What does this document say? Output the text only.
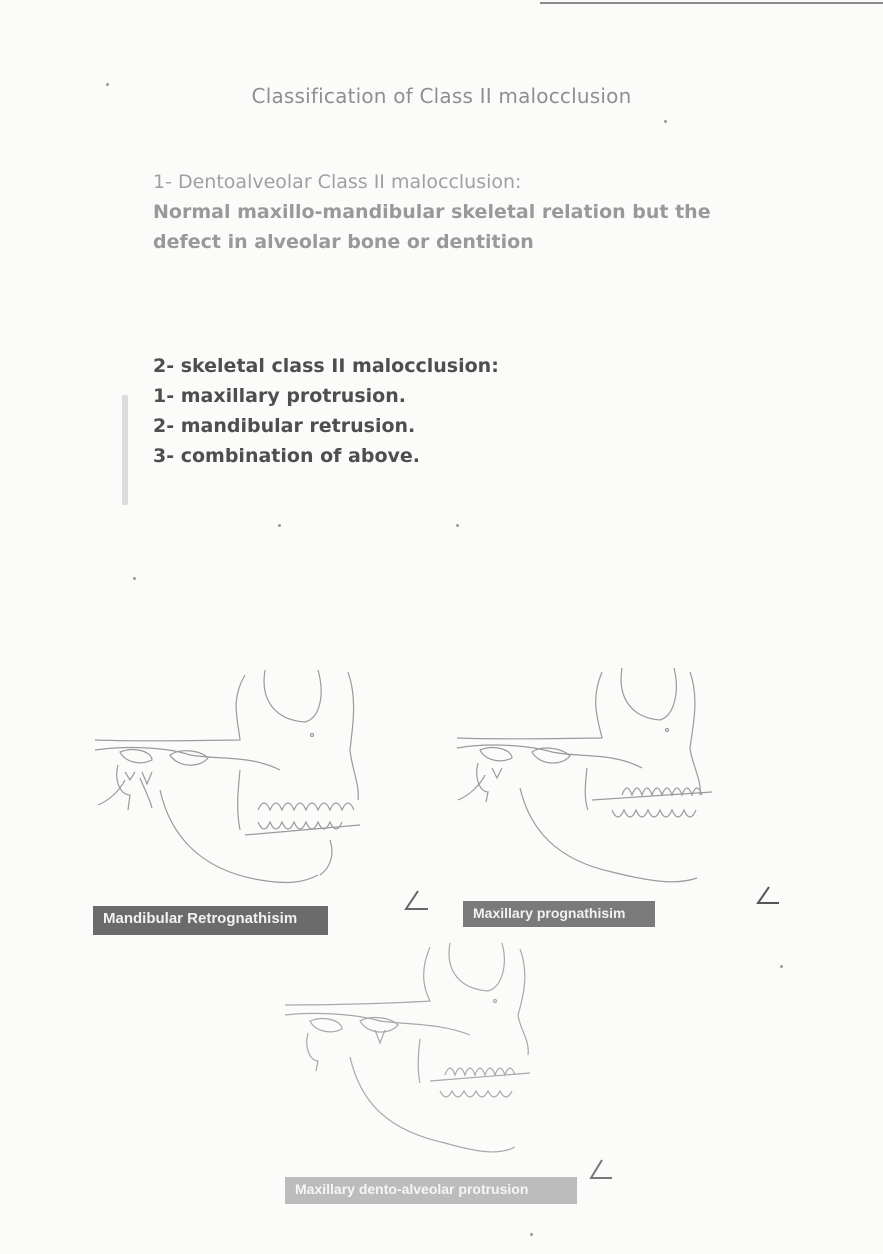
Classification of Class II malocclusion
1- Dentoalveolar Class II malocclusion:
Normal maxillo-mandibular skeletal relation but the
defect in alveolar bone or dentition
2- skeletal class II malocclusion:
1- maxillary protrusion.
2- mandibular retrusion.
3- combination of above.
Mandibular Retrognathisim	Maxillary prognathisim
Maxillary dento-alveolar protrusion
